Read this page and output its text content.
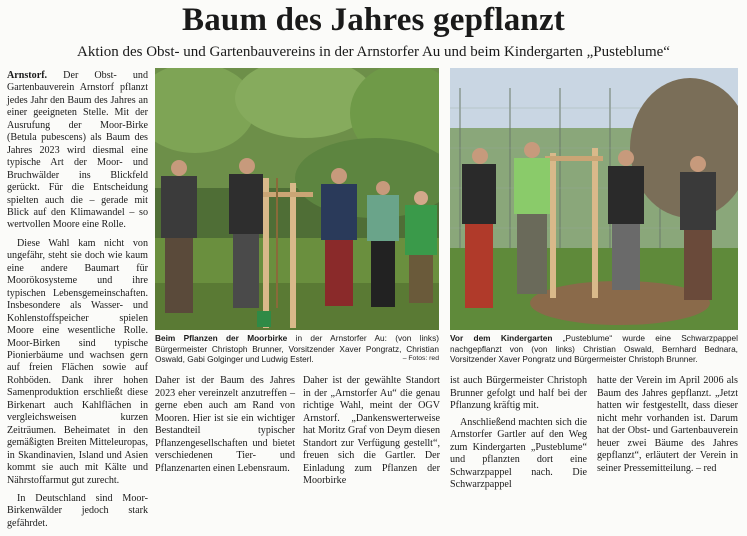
Baum des Jahres gepflanzt
Aktion des Obst- und Gartenbauvereins in der Arnstorfer Au und beim Kindergarten „Pusteblume“

Arnstorf. Der Obst- und Gartenbauverein Arnstorf pflanzt jedes Jahr den Baum des Jahres an einer geeigneten Stelle. Mit der Ausrufung der Moor-Birke (Betula pubescens) als Baum des Jahres 2023 wird diesmal eine typische Art der Moor- und Bruchwälder ins Blickfeld gerückt. Für die Entscheidung spielten auch die – gerade mit Blick auf den Klimawandel – so wertvollen Moore eine Rolle.

Diese Wahl kam nicht von ungefähr, steht sie doch wie kaum eine andere Baumart für Moorökosysteme und ihre typischen Lebensgemeinschaften. Insbesondere als Wasser- und Kohlenstoffspeicher spielen Moore eine wesentliche Rolle. Moor-Birken sind typische Pionierbäume und wachsen gern auf freien Flächen sowie auf Rohböden. Dank ihrer hohen Samenproduktion erschließt diese Birkenart auch Kahlflächen in vergleichsweisen kurzen Zeiträumen. Beheimatet in den gemäßigten Breiten Mitteleuropas, in Skandinavien, Island und Asien kommt sie auch mit Kälte und Nährstoffarmut gut zurecht.

In Deutschland sind Moor-Birkenwälder jedoch stark gefährdet.

Beim Pflanzen der Moorbirke in der Arnstorfer Au: (von links) Bürgermeister Christoph Brunner, Vorsitzender Xaver Pongratz, Christian Oswald, Gabi Golginger und Ludwig Esterl.	– Fotos: red
Vor dem Kindergarten „Pusteblume“ wurde eine Schwarzpappel nachgepflanzt von (von links) Christian Oswald, Bernhard Bednara, Vorsitzender Xaver Pongratz und Bürgermeister Christoph Brunner.

Daher ist der Baum des Jahres 2023 eher vereinzelt anzutreffen – gerne eben auch am Rand von Mooren. Hier ist sie ein wichtiger Bestandteil typischer Pflanzengesellschaften und bietet verschiedenen Tier- und Pflanzenarten einen Lebensraum.

Daher ist der gewählte Standort in der „Arnstorfer Au“ die genau richtige Wahl, meint der OGV Arnstorf. „Dankenswerterweise hat Moritz Graf von Deym diesen Standort zur Verfügung gestellt“, freuen sich die Gartler. Der Einladung zum Pflanzen der Moorbirke

ist auch Bürgermeister Christoph Brunner gefolgt und half bei der Pflanzung kräftig mit.

Anschließend machten sich die Arnstorfer Gartler auf den Weg zum Kindergarten „Pusteblume“ und pflanzten dort eine Schwarzpappel nach. Die Schwarzpappel

hatte der Verein im April 2006 als Baum des Jahres gepflanzt. „Jetzt hatten wir festgestellt, dass dieser nicht mehr vorhanden ist. Darum hat der Obst- und Gartenbauverein heuer zwei Bäume des Jahres gepflanzt“, erläutert der Verein in seiner Pressemitteilung. – red
